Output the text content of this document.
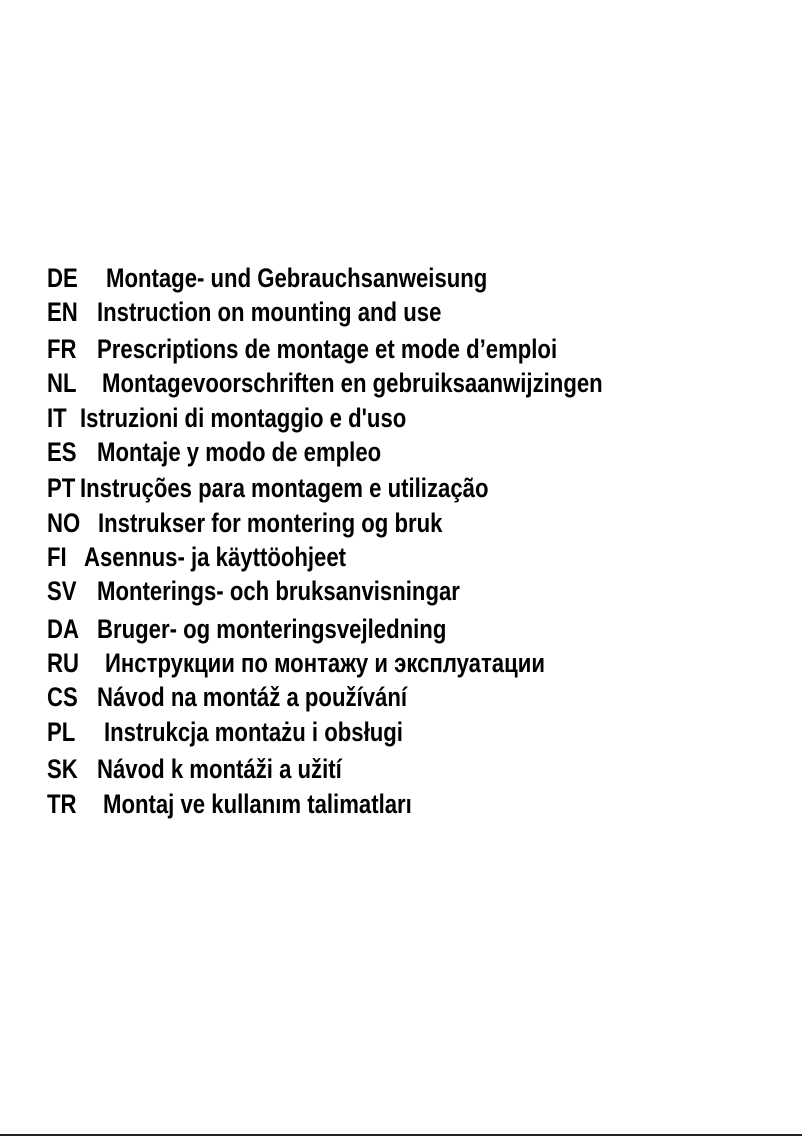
DE Montage- und Gebrauchsanweisung
EN Instruction on mounting and use
FR Prescriptions de montage et mode d’emploi
NL Montagevoorschriften en gebruiksaanwijzingen
IT Istruzioni di montaggio e d'uso
ES Montaje y modo de empleo
PT Instruções para montagem e utilização
NO Instrukser for montering og bruk
FI Asennus- ja käyttöohjeet
SV Monterings- och bruksanvisningar
DA Bruger- og monteringsvejledning
RU Инструкции по монтажу и эксплуатации
CS Návod na montáž a používání
PL Instrukcja montażu i obsługi
SK Návod k montáži a užití
TR Montaj ve kullanım talimatları
